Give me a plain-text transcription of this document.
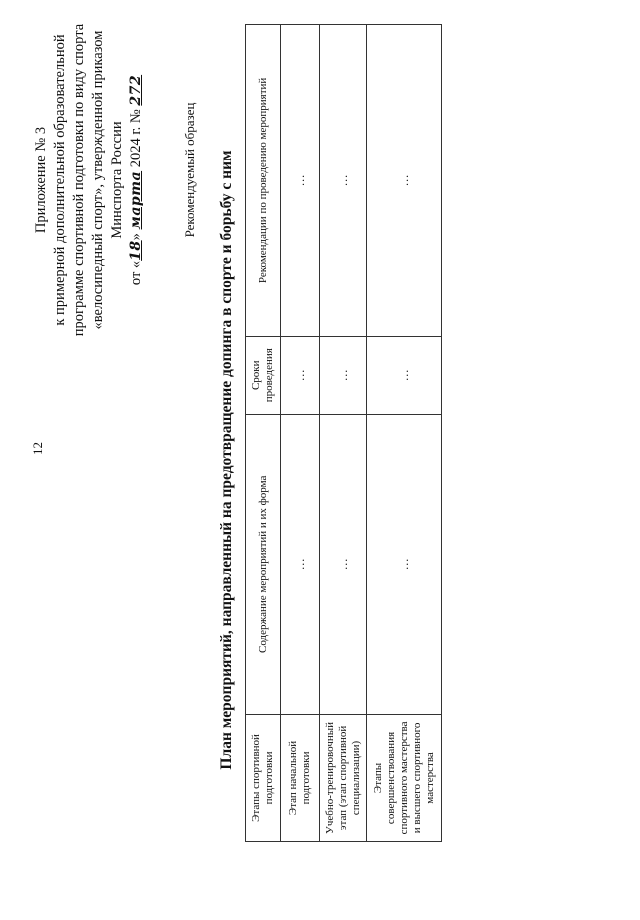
12
Приложение № 3 к примерной дополнительной образовательной программе спортивной подготовки по виду спорта «велосипедный спорт», утвержденной приказом Минспорта России
от «18» марта 2024 г. № 272
Рекомендуемый образец План мероприятий, направленный на предотвращение допинга в спорте и борьбу с ним
Этапы спортивной подготовки	Содержание мероприятий и их форма	Сроки проведения	Рекомендации по проведению мероприятий
Этап начальной подготовки	…	…	…
Учебно-тренировочный этап (этап спортивной специализации)	…	…	…
Этапы совершенствования спортивного мастерства и высшего спортивного мастерства	…	…	…
